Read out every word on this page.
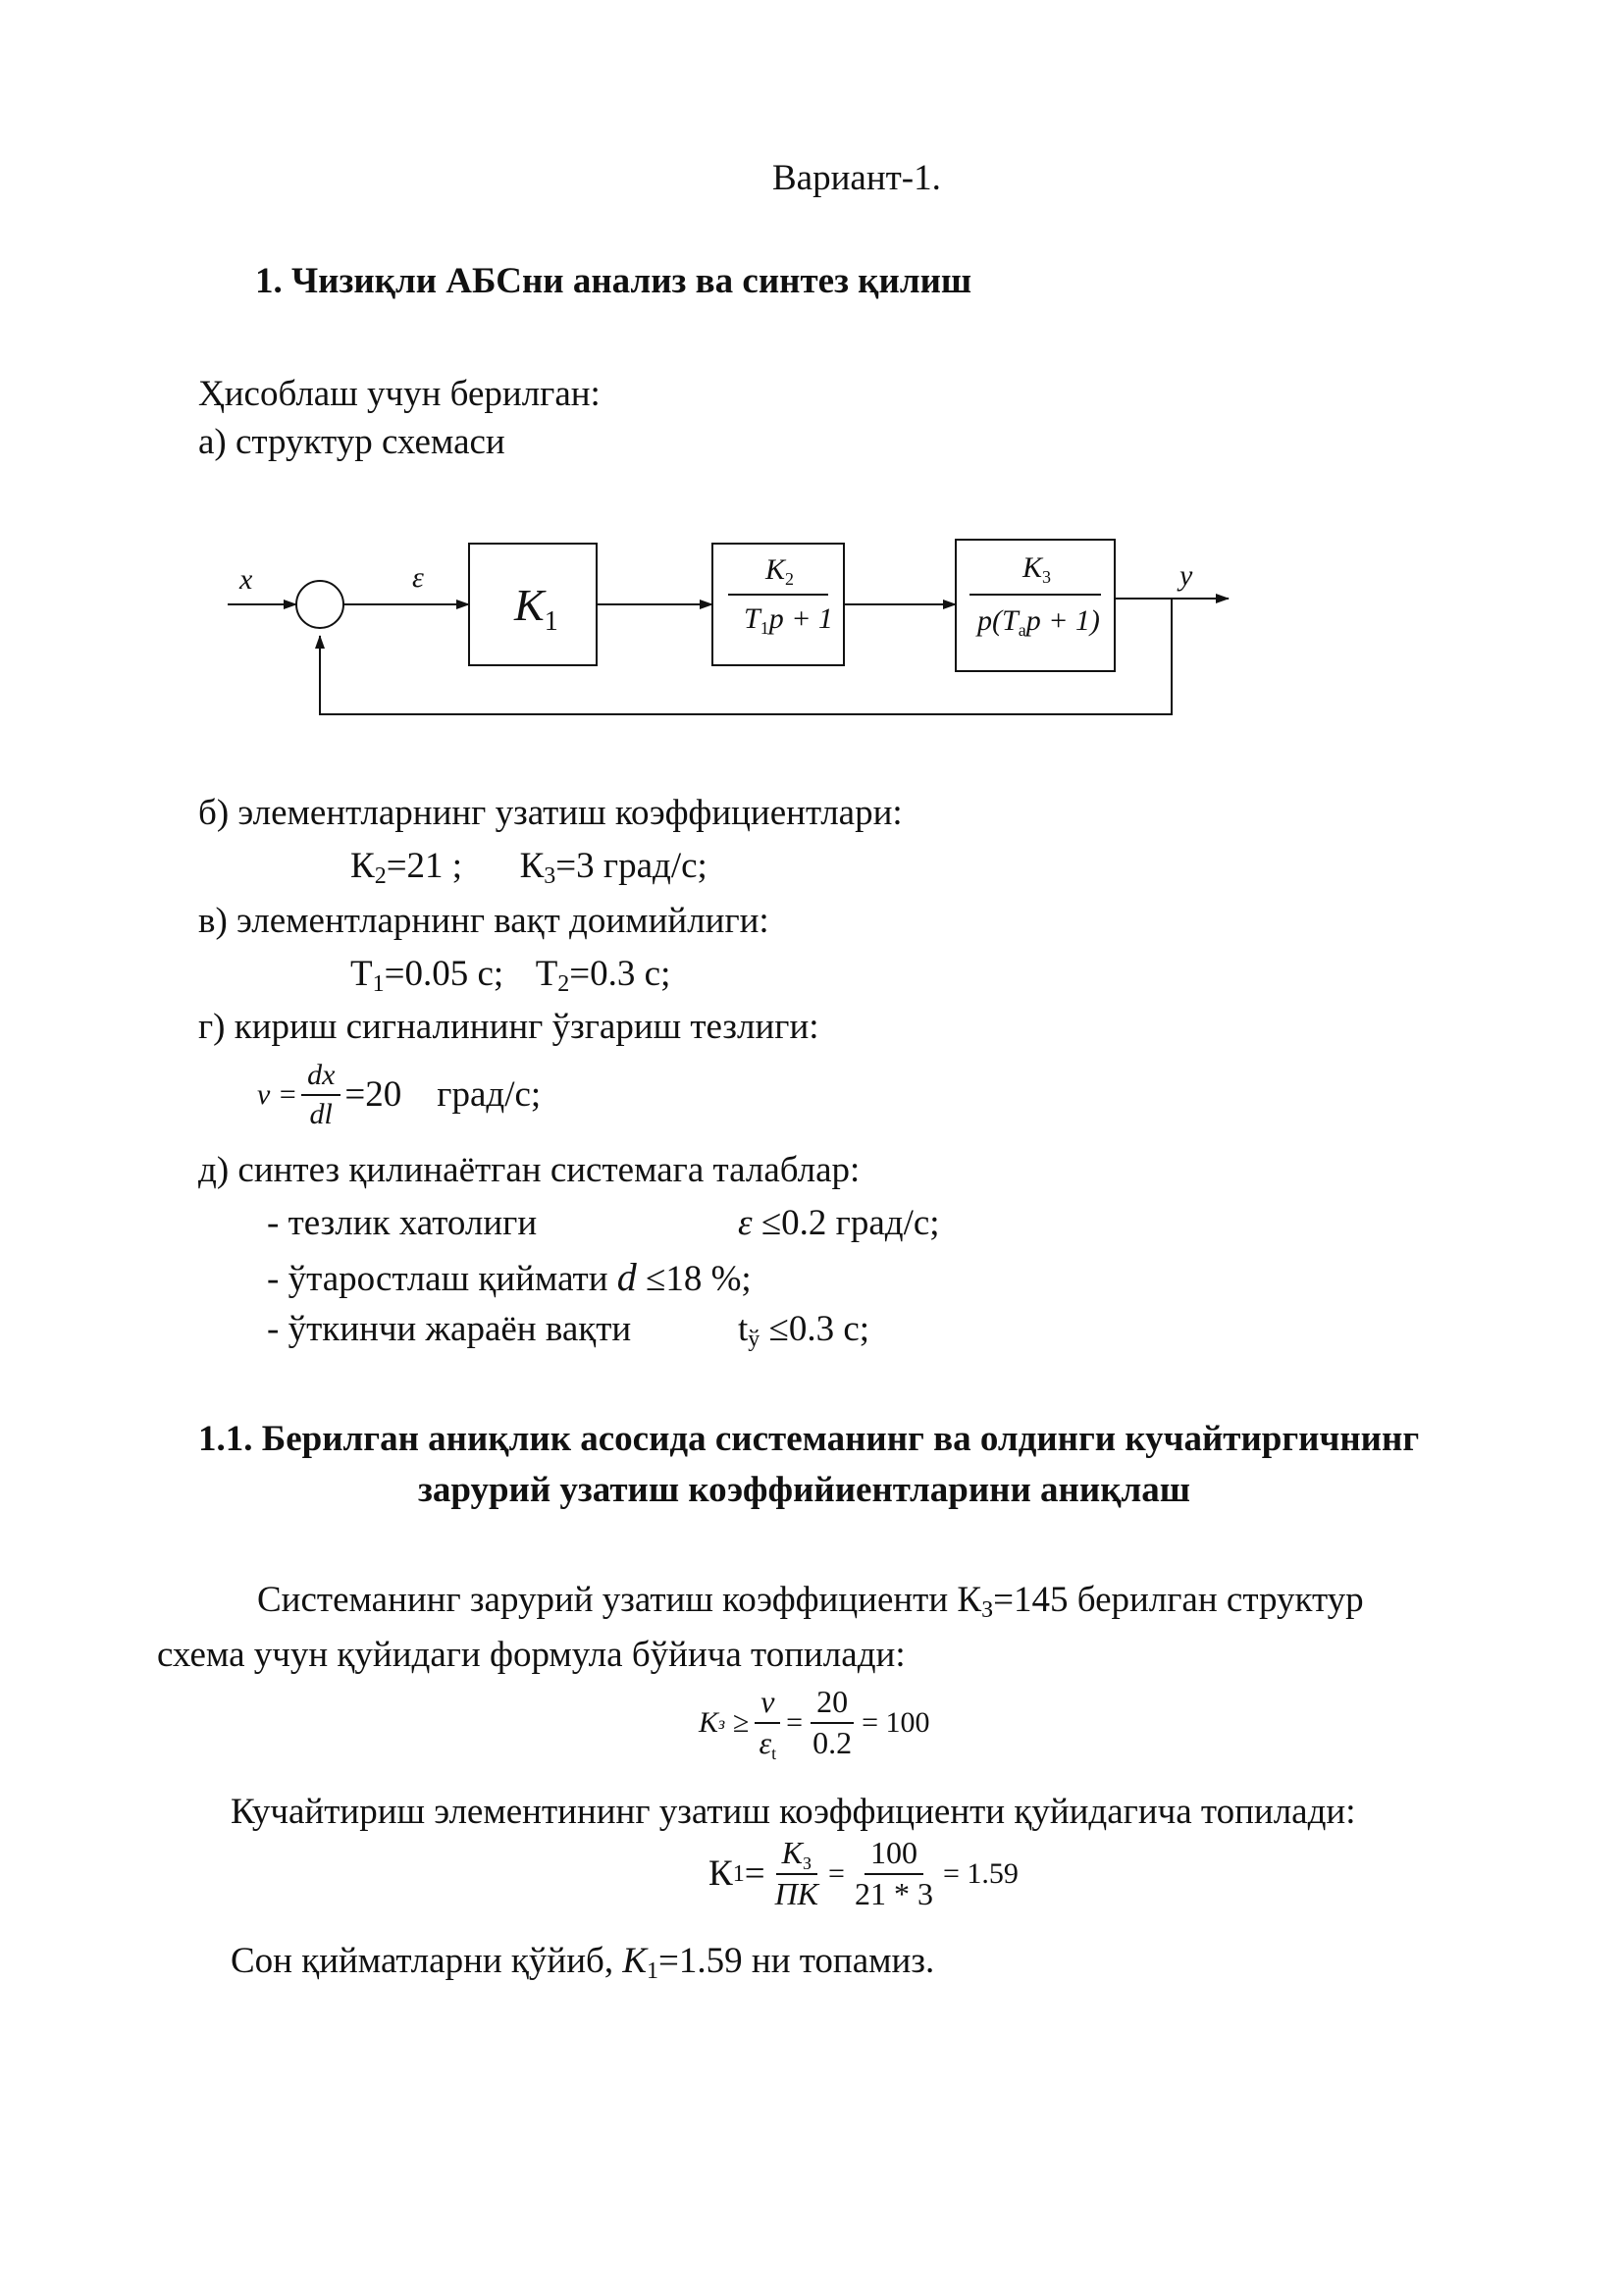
Вариант-1.
1. Чизиқли АБСни анализ ва синтез қилиш
Ҳисоблаш учун берилган:
а) структур схемаси
x	ε
$K_1$
$K_2$
$T_1p + 1$
$K_3$
$p(T_ap + 1)$
y
б) элементларнинг узатиш коэффициентлари:
$К_2=21$ ; $К_3=3$ град/с;
в) элементларнинг вақт доимийлиги:
$Т_1=0.05$ с; $Т_2=0.3$ с;
г) кириш сигналининг ўзгариш тезлиги:
$v = \frac{dx}{dl} =20$ град/с;
д) синтез қилинаётган системага талаблар:
- тезлик хатолиги	ε ≤0.2 град/с;
- ўтаростлаш қиймати d ≤18 %;
- ўткинчи жараён вақти	$t_ў \le 0.3$ с;
1.1. Берилган аниқлик асосида системанинг ва олдинги кучайтиргичнинг
зарурий узатиш коэффийиентларини аниқлаш
Системанинг зарурий узатиш коэффициенти $К_З=145$ берилган структур
схема учун қуйидаги формула бўйича топилади:
K $з \ge \frac{v}{\varepsilon_t} = \frac{20}{0.2} = 100$
Кучайтириш элементининг узатиш коэффициенти қуйидагича топилади:
К $1 = \frac{K_З}{\Pi K} = \frac{100}{21 * 3} = 1.59$
Сон қийматларни қўйиб, $K_1=1.59$ ни топамиз.
